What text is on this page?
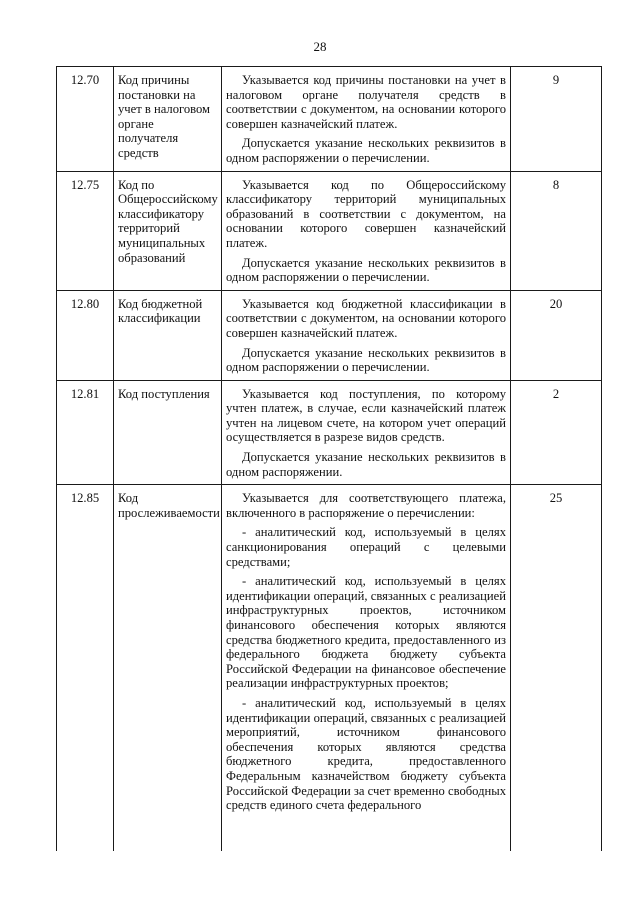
28
12.70	Код причины постановки на учет в налоговом органе получателя средств	Указывается код причины постановки на учет в налоговом органе получателя средств в соответствии с документом, на основании которого совершен казначейский платеж.

Допускается указание нескольких реквизитов в одном распоряжении о перечислении.	9
12.75	Код по Общероссийскому классификатору территорий муниципальных образований	Указывается код по Общероссийскому классификатору территорий муниципальных образований в соответствии с документом, на основании которого совершен казначейский платеж.

Допускается указание нескольких реквизитов в одном распоряжении о перечислении.	8
12.80	Код бюджетной классификации	Указывается код бюджетной классификации в соответствии с документом, на основании которого совершен казначейский платеж.

Допускается указание нескольких реквизитов в одном распоряжении о перечислении.	20
12.81	Код поступления	Указывается код поступления, по которому учтен платеж, в случае, если казначейский платеж учтен на лицевом счете, на котором учет операций осуществляется в разрезе видов средств.

Допускается указание нескольких реквизитов в одном распоряжении.	2
12.85	Код прослеживаемости	Указывается для соответствующего платежа, включенного в распоряжение о перечислении:

- аналитический код, используемый в целях санкционирования операций с целевыми средствами;

- аналитический код, используемый в целях идентификации операций, связанных с реализацией инфраструктурных проектов, источником финансового обеспечения которых являются средства бюджетного кредита, предоставленного из федерального бюджета бюджету субъекта Российской Федерации на финансовое обеспечение реализации инфраструктурных проектов;

- аналитический код, используемый в целях идентификации операций, связанных с реализацией мероприятий, источником финансового обеспечения которых являются средства бюджетного кредита, предоставленного Федеральным казначейством бюджету субъекта Российской Федерации за счет временно свободных средств единого счета федерального	25
